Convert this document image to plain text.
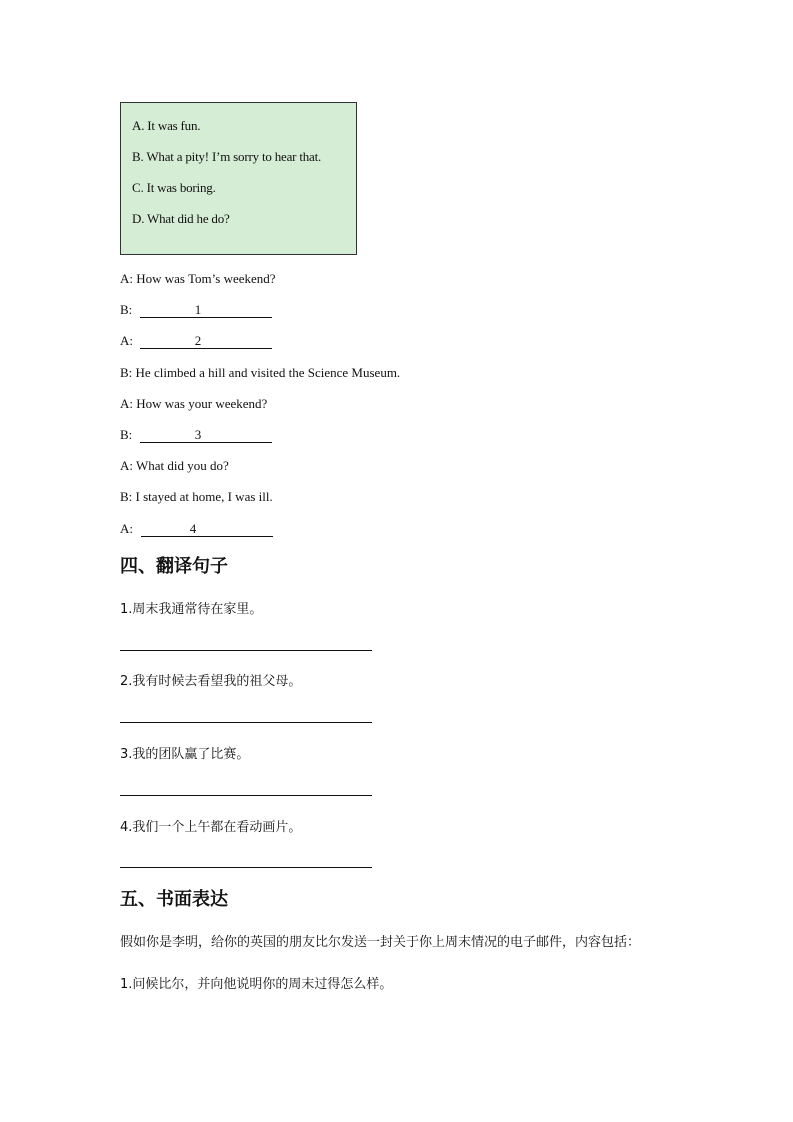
A. It was fun.
B. What a pity! I’m sorry to hear that.
C. It was boring.
D. What did he do?
A: How was Tom’s weekend?
B:	1
A:	2
B: He climbed a hill and visited the Science Museum.
A: How was your weekend?
B:	3
A: What did you do?
B: I stayed at home, I was ill.
A:	4
四、翻译句子
1.周末我通常待在家里。
2.我有时候去看望我的祖父母。
3.我的团队赢了比赛。
4.我们一个上午都在看动画片。
五、书面表达
假如你是李明，给你的英国的朋友比尔发送一封关于你上周末情况的电子邮件，内容包括：
1.问候比尔，并向他说明你的周末过得怎么样。
